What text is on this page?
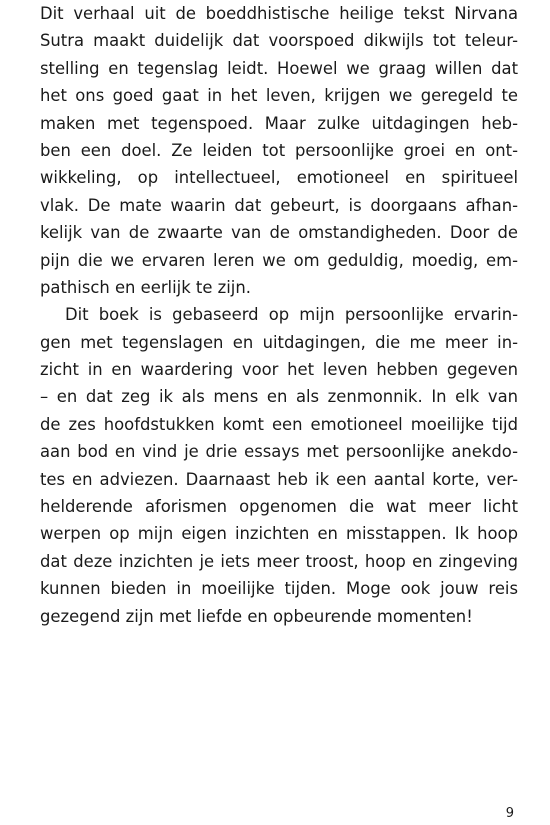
Dit verhaal uit de boeddhistische heilige tekst Nirvana
Sutra maakt duidelijk dat voorspoed dikwijls tot teleur-
stelling en tegenslag leidt. Hoewel we graag willen dat
het ons goed gaat in het leven, krijgen we geregeld te
maken met tegenspoed. Maar zulke uitdagingen heb-
ben een doel. Ze leiden tot persoonlijke groei en ont-
wikkeling, op intellectueel, emotioneel en spiritueel
vlak. De mate waarin dat gebeurt, is doorgaans afhan-
kelijk van de zwaarte van de omstandigheden. Door de
pijn die we ervaren leren we om geduldig, moedig, em-
pathisch en eerlijk te zijn.
Dit boek is gebaseerd op mijn persoonlijke ervarin-
gen met tegenslagen en uitdagingen, die me meer in-
zicht in en waardering voor het leven hebben gegeven
– en dat zeg ik als mens en als zenmonnik. In elk van
de zes hoofdstukken komt een emotioneel moeilijke tijd
aan bod en vind je drie essays met persoonlijke anekdo-
tes en adviezen. Daarnaast heb ik een aantal korte, ver-
helderende aforismen opgenomen die wat meer licht
werpen op mijn eigen inzichten en misstappen. Ik hoop
dat deze inzichten je iets meer troost, hoop en zingeving
kunnen bieden in moeilijke tijden. Moge ook jouw reis
gezegend zijn met liefde en opbeurende momenten!
9
